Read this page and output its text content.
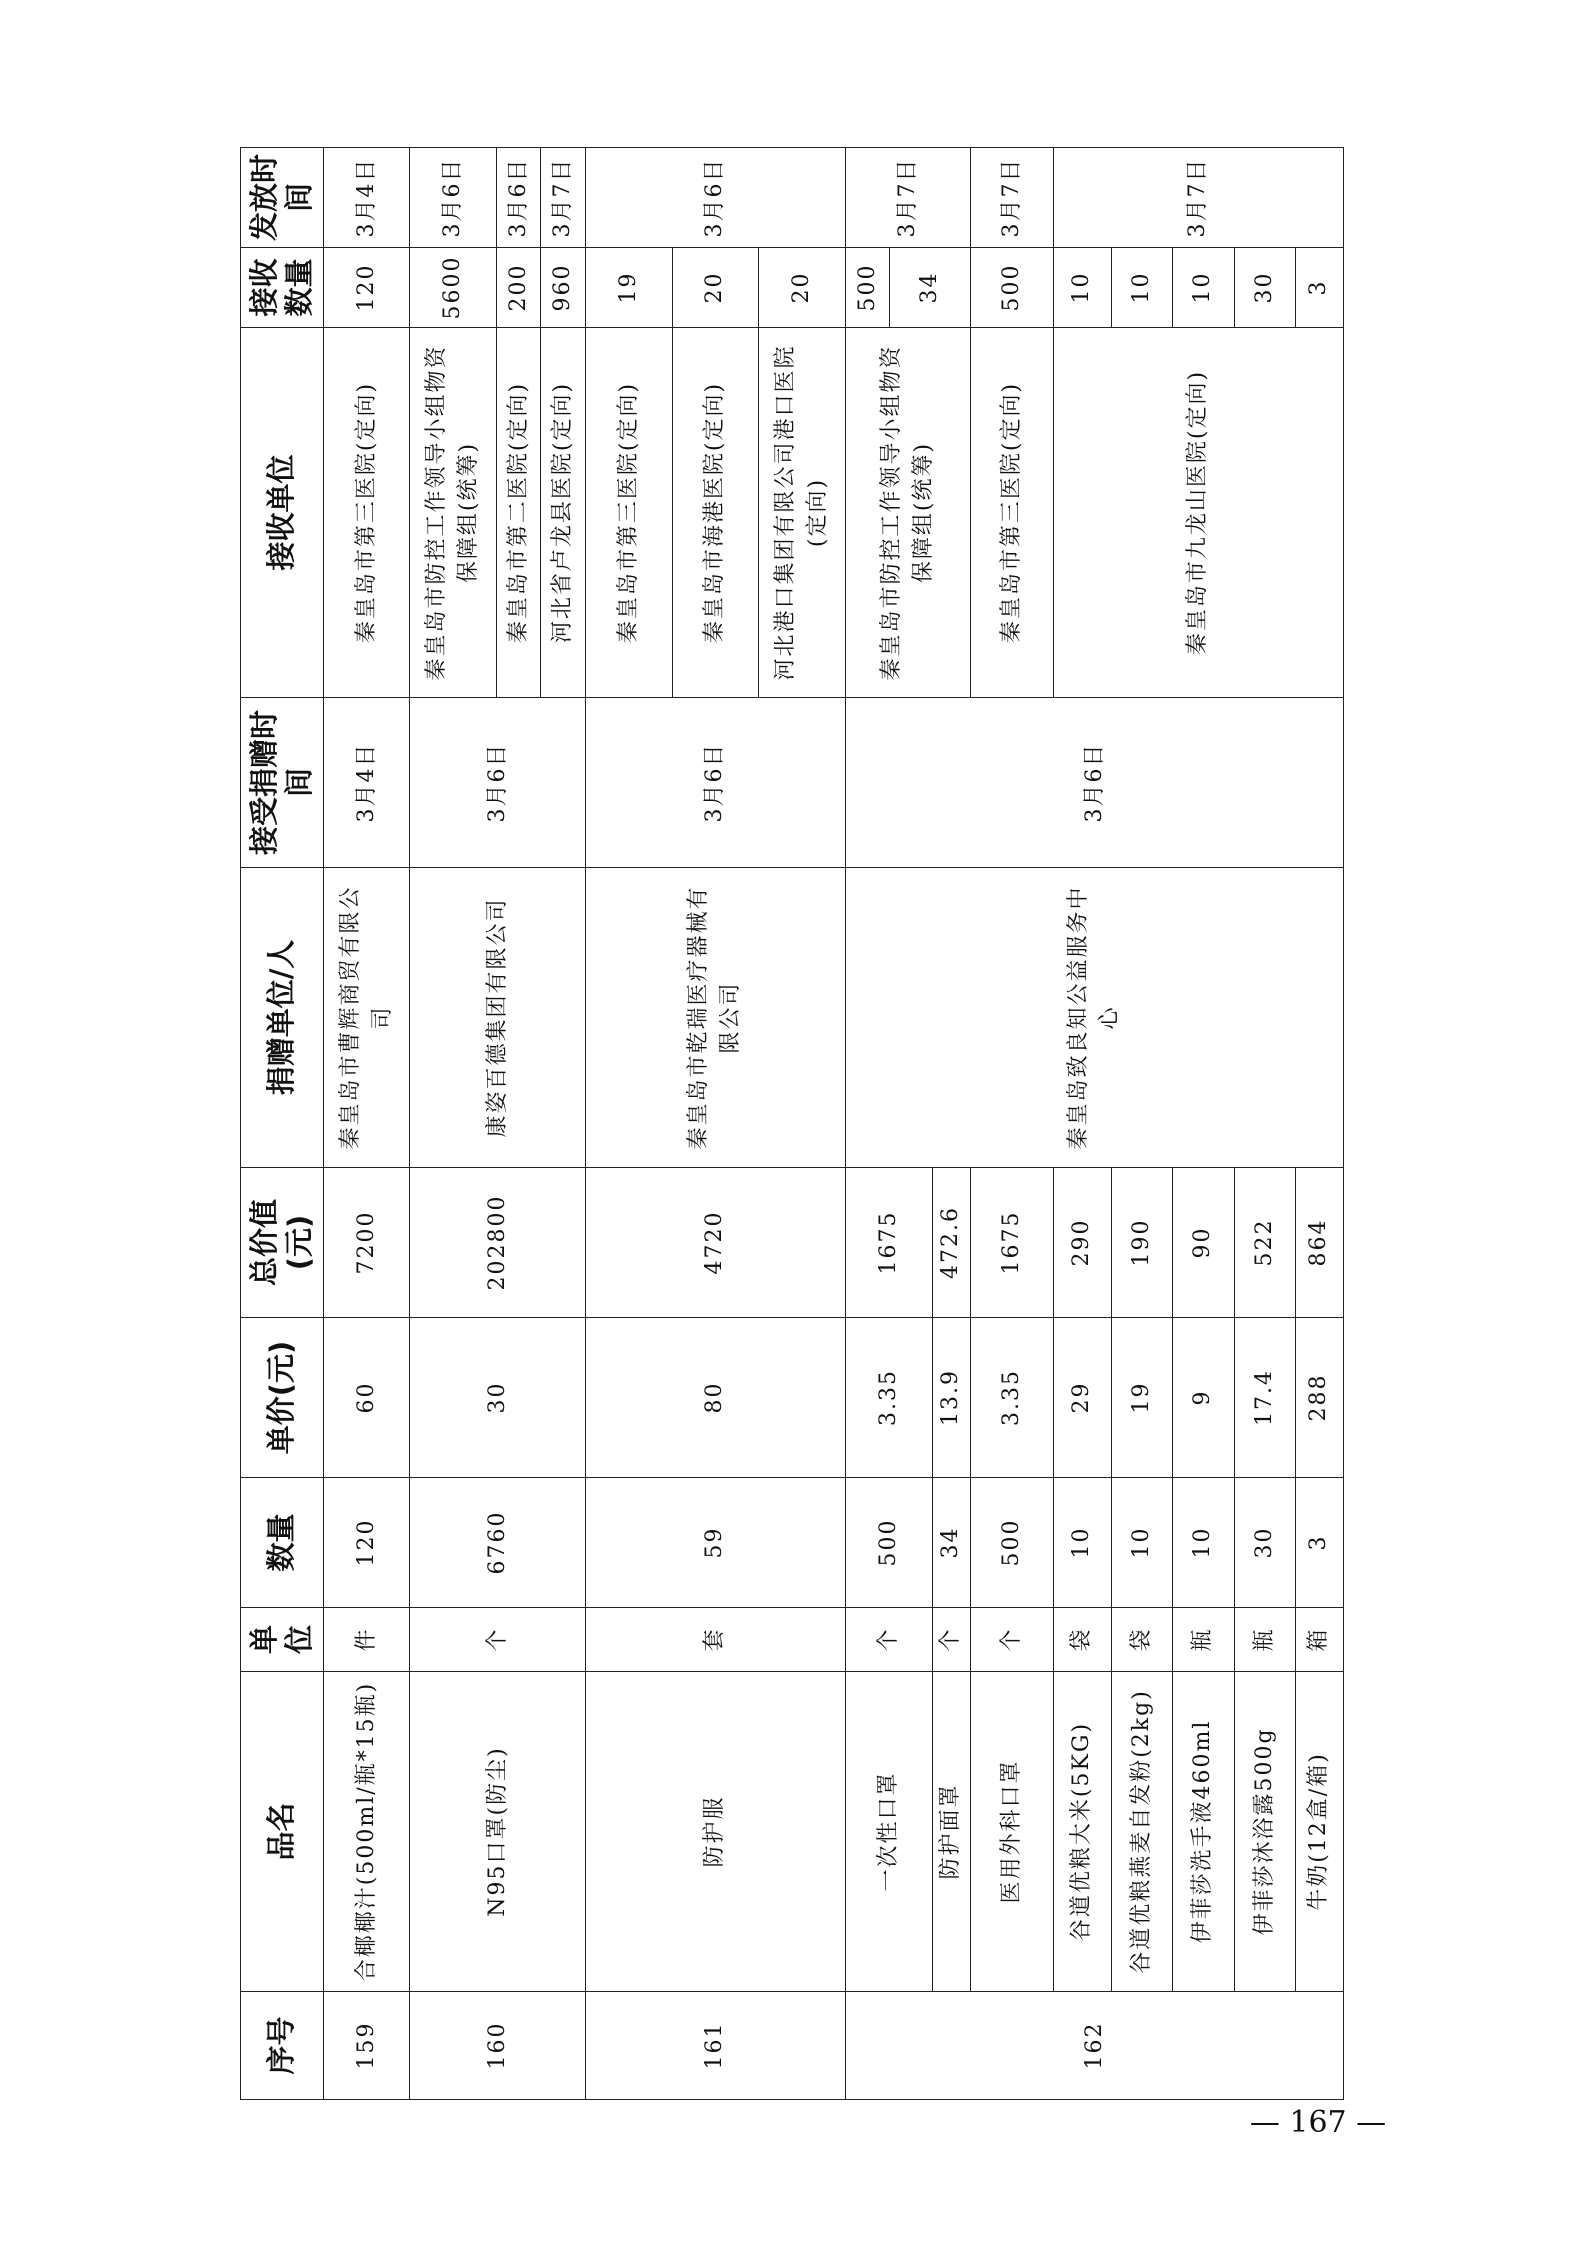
序号	品名	单位	数量	单价(元)	总价值(元)	捐赠单位/人	接受捐赠时间	接收单位	接收数量	发放时间
159	合椰椰汁(500ml/瓶*15瓶)	件	120	60	7200	秦皇岛市曹辉商贸有限公司	3月4日	秦皇岛市第三医院(定向)	120	3月4日
160	N95口罩(防尘)	个	6760	30	202800	康姿百德集团有限公司	3月6日	秦皇岛市防控工作领导小组物资保障组(统筹)	5600	3月6日
								秦皇岛市第二医院(定向)	200	3月6日
								河北省卢龙县医院(定向)	960	3月7日
161	防护服	套	59	80	4720	秦皇岛市乾瑞医疗器械有限公司	3月6日	秦皇岛市第三医院(定向)	19	3月6日
								秦皇岛市海港医院(定向)	20	
								河北港口集团有限公司港口医院(定向)	20	
162	一次性口罩	个	500	3.35	1675	秦皇岛致良知公益服务中心	3月6日	秦皇岛市防控工作领导小组物资保障组(统筹)	500	3月7日
									34	
	防护面罩	个	34	13.9	472.6					
	医用外科口罩	个	500	3.35	1675			秦皇岛市第三医院(定向)	500	3月7日
	谷道优粮大米(5KG)	袋	10	29	290			秦皇岛市九龙山医院(定向)	10	3月7日
	谷道优粮燕麦自发粉(2kg)	袋	10	19	190				10	
	伊菲莎洗手液460ml	瓶	10	9	90				10	
	伊菲莎沐浴露500g	瓶	30	17.4	522				30	
	牛奶(12盒/箱)	箱	3	288	864				3	
— 167 —
